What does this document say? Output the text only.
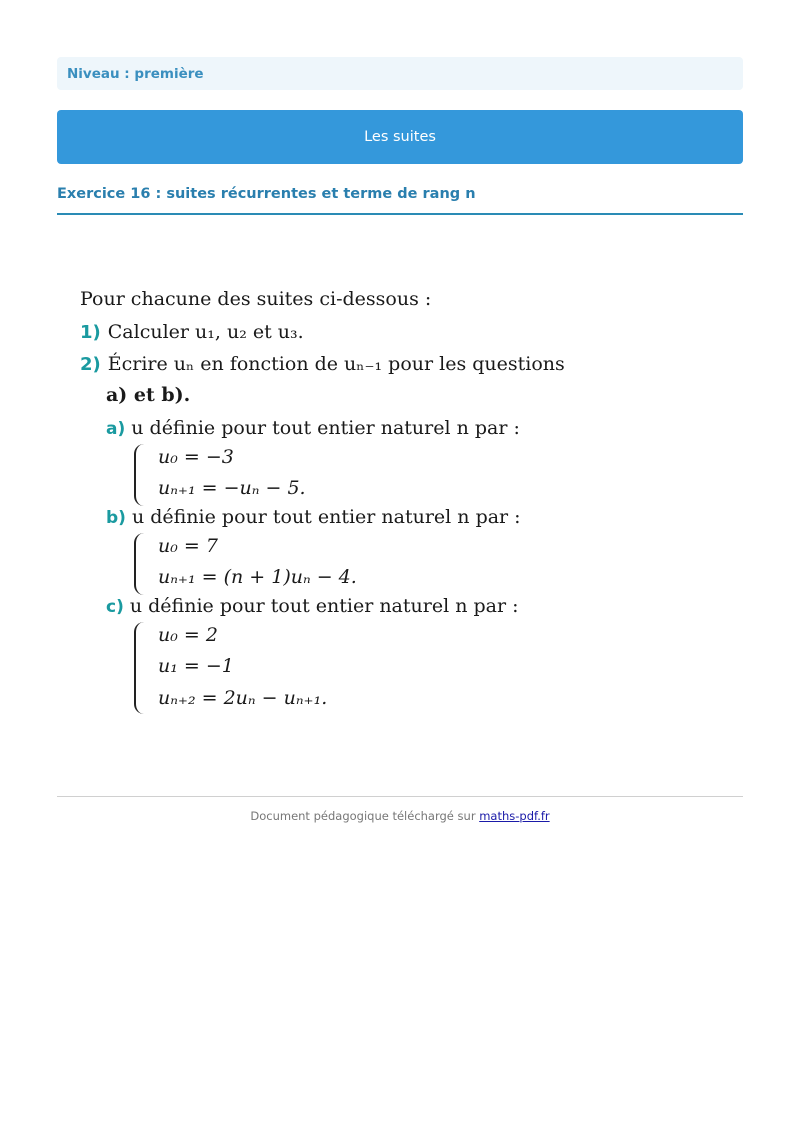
Niveau : première
Les suites
Exercice 16 : suites récurrentes et terme de rang n
Pour chacune des suites ci-dessous :
1) Calculer u₁, u₂ et u₃.
2) Écrire uₙ en fonction de uₙ₋₁ pour les questions
a) et b).
a) u définie pour tout entier naturel n par :
u₀ = −3
uₙ₊₁ = −uₙ − 5.
b) u définie pour tout entier naturel n par :
u₀ = 7
uₙ₊₁ = (n + 1)uₙ − 4.
c) u définie pour tout entier naturel n par :
u₀ = 2
u₁ = −1
uₙ₊₂ = 2uₙ − uₙ₊₁.
Document pédagogique téléchargé sur maths-pdf.fr
